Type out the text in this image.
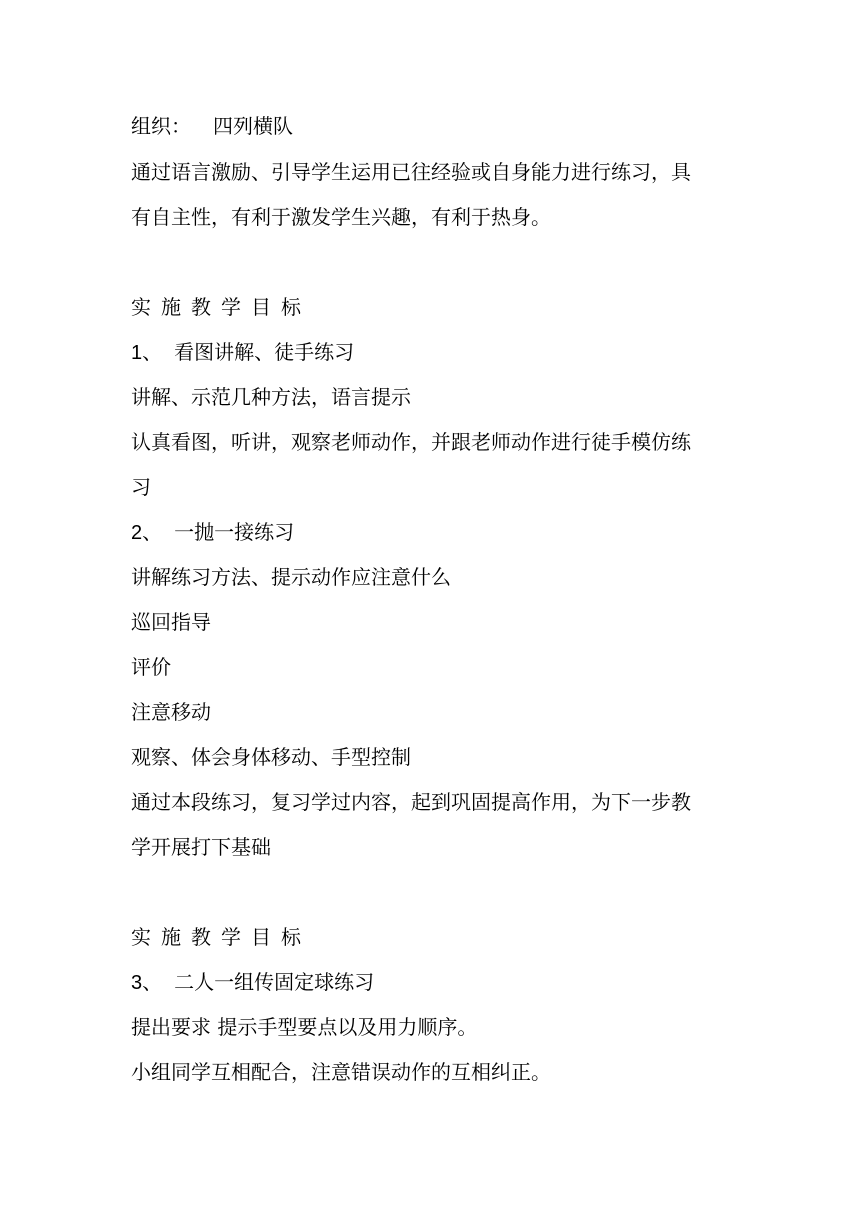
组织： 四列横队
通过语言激励、引导学生运用已往经验或自身能力进行练习，具
有自主性，有利于激发学生兴趣，有利于热身。
实施教学目标
1、 看图讲解、徒手练习
讲解、示范几种方法，语言提示
认真看图，听讲，观察老师动作，并跟老师动作进行徒手模仿练
习
2、 一抛一接练习
讲解练习方法、提示动作应注意什么
巡回指导
评价
注意移动
观察、体会身体移动、手型控制
通过本段练习，复习学过内容，起到巩固提高作用，为下一步教
学开展打下基础
实施教学目标
3、 二人一组传固定球练习
提出要求 提示手型要点以及用力顺序。
小组同学互相配合，注意错误动作的互相纠正。
